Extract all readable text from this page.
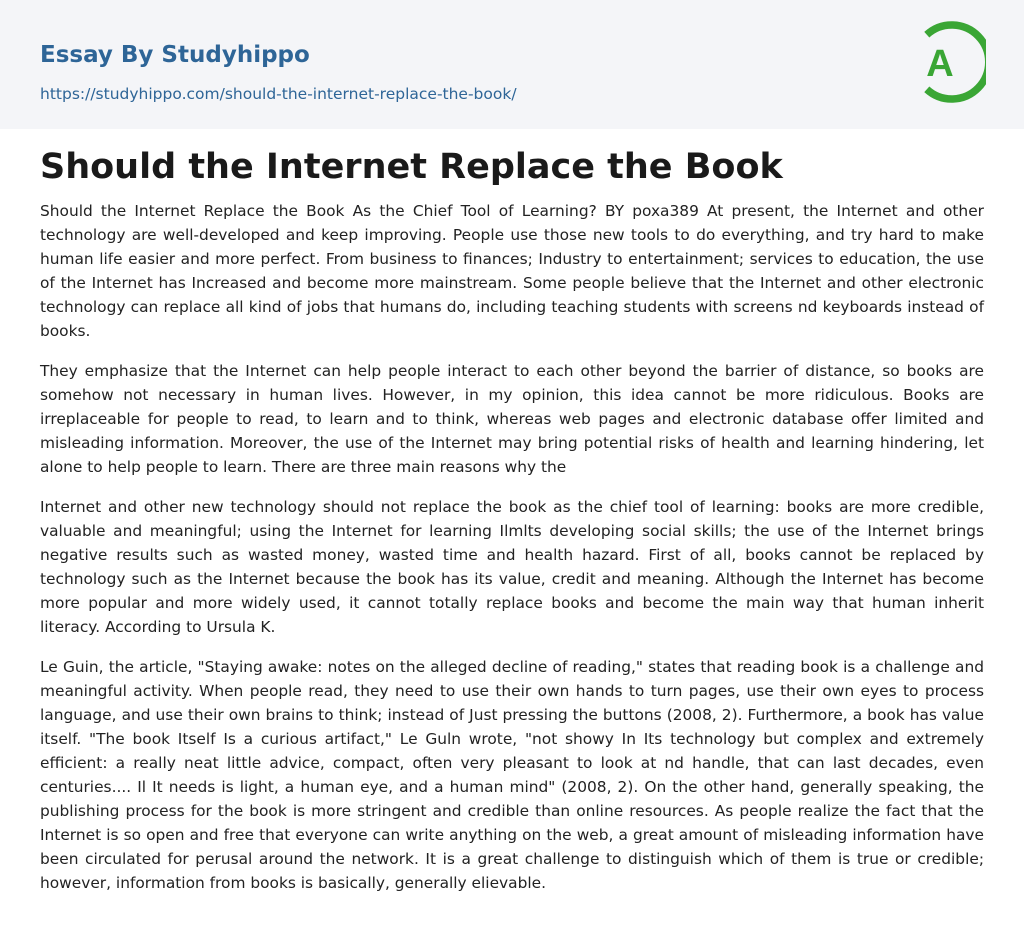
Essay By Studyhippo
https://studyhippo.com/should-the-internet-replace-the-book/
A
Should the Internet Replace the Book

Should the Internet Replace the Book As the Chief Tool of Learning? BY poxa389 At present, the Internet and other technology are well-developed and keep improving. People use those new tools to do everything, and try hard to make human life easier and more perfect. From business to finances; Industry to entertainment; services to education, the use of the Internet has Increased and become more mainstream. Some people believe that the Internet and other electronic technology can replace all kind of jobs that humans do, including teaching students with screens nd keyboards instead of books.

They emphasize that the Internet can help people interact to each other beyond the barrier of distance, so books are somehow not necessary in human lives. However, in my opinion, this idea cannot be more ridiculous. Books are irreplaceable for people to read, to learn and to think, whereas web pages and electronic database offer limited and misleading information. Moreover, the use of the Internet may bring potential risks of health and learning hindering, let alone to help people to learn. There are three main reasons why the

Internet and other new technology should not replace the book as the chief tool of learning: books are more credible, valuable and meaningful; using the Internet for learning Ilmlts developing social skills; the use of the Internet brings negative results such as wasted money, wasted time and health hazard. First of all, books cannot be replaced by technology such as the Internet because the book has its value, credit and meaning. Although the Internet has become more popular and more widely used, it cannot totally replace books and become the main way that human inherit literacy. According to Ursula K.

Le Guin, the article, "Staying awake: notes on the alleged decline of reading," states that reading book is a challenge and meaningful activity. When people read, they need to use their own hands to turn pages, use their own eyes to process language, and use their own brains to think; instead of Just pressing the buttons (2008, 2). Furthermore, a book has value itself. "The book Itself Is a curious artifact," Le Guln wrote, "not showy In Its technology but complex and extremely efficient: a really neat little advice, compact, often very pleasant to look at nd handle, that can last decades, even centuries.... Il It needs is light, a human eye, and a human mind" (2008, 2). On the other hand, generally speaking, the publishing process for the book is more stringent and credible than online resources. As people realize the fact that the Internet is so open and free that everyone can write anything on the web, a great amount of misleading information have been circulated for perusal around the network. It is a great challenge to distinguish which of them is true or credible; however, information from books is basically, generally elievable.
